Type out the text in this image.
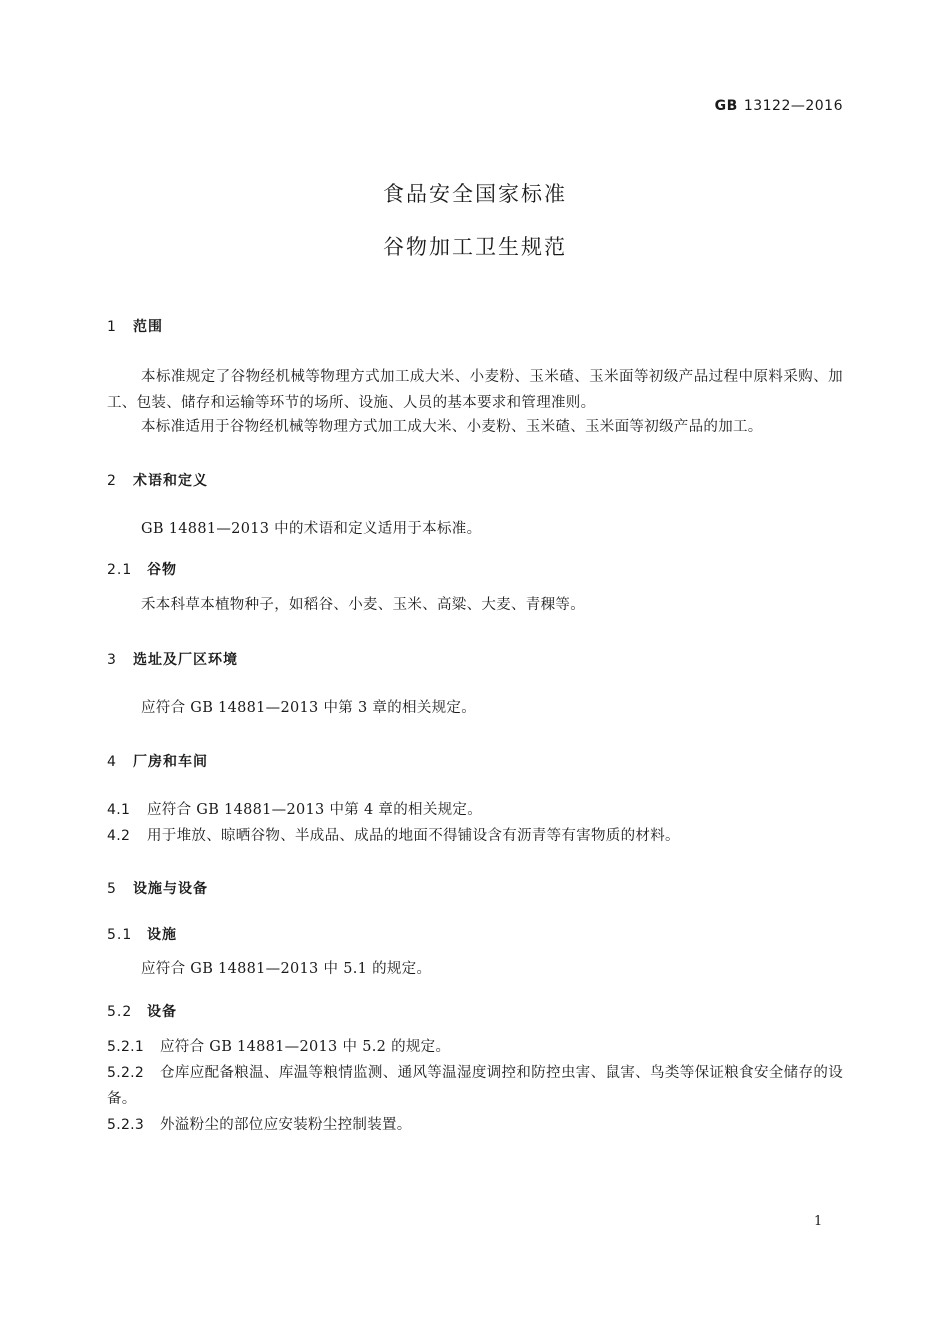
GB 13122—2016
食品安全国家标准
谷物加工卫生规范
1 范围
本标准规定了谷物经机械等物理方式加工成大米、小麦粉、玉米碴、玉米面等初级产品过程中原料采购、加工、包装、储存和运输等环节的场所、设施、人员的基本要求和管理准则。
本标准适用于谷物经机械等物理方式加工成大米、小麦粉、玉米碴、玉米面等初级产品的加工。
2 术语和定义
GB 14881—2013 中的术语和定义适用于本标准。
2.1 谷物
禾本科草本植物种子，如稻谷、小麦、玉米、高粱、大麦、青稞等。
3 选址及厂区环境
应符合 GB 14881—2013 中第 3 章的相关规定。
4 厂房和车间
4.1 应符合 GB 14881—2013 中第 4 章的相关规定。
4.2 用于堆放、晾晒谷物、半成品、成品的地面不得铺设含有沥青等有害物质的材料。
5 设施与设备
5.1 设施
应符合 GB 14881—2013 中 5.1 的规定。
5.2 设备
5.2.1 应符合 GB 14881—2013 中 5.2 的规定。
5.2.2 仓库应配备粮温、库温等粮情监测、通风等温湿度调控和防控虫害、鼠害、鸟类等保证粮食安全储存的设备。
5.2.3 外溢粉尘的部位应安装粉尘控制装置。
1
